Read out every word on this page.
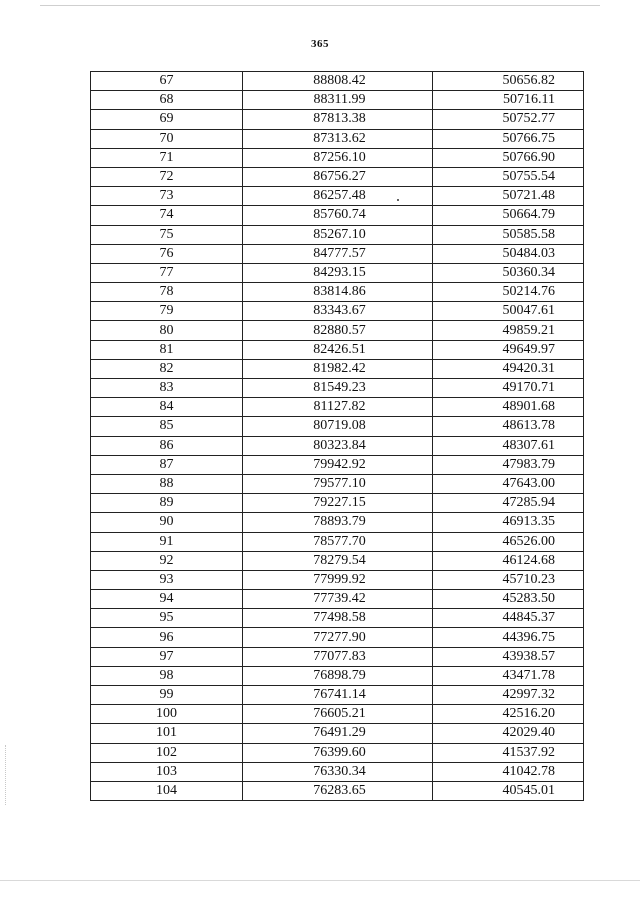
365
67	88808.42	50656.82
68	88311.99	50716.11
69	87813.38	50752.77
70	87313.62	50766.75
71	87256.10	50766.90
72	86756.27	50755.54
73	86257.48	50721.48
74	85760.74	50664.79
75	85267.10	50585.58
76	84777.57	50484.03
77	84293.15	50360.34
78	83814.86	50214.76
79	83343.67	50047.61
80	82880.57	49859.21
81	82426.51	49649.97
82	81982.42	49420.31
83	81549.23	49170.71
84	81127.82	48901.68
85	80719.08	48613.78
86	80323.84	48307.61
87	79942.92	47983.79
88	79577.10	47643.00
89	79227.15	47285.94
90	78893.79	46913.35
91	78577.70	46526.00
92	78279.54	46124.68
93	77999.92	45710.23
94	77739.42	45283.50
95	77498.58	44845.37
96	77277.90	44396.75
97	77077.83	43938.57
98	76898.79	43471.78
99	76741.14	42997.32
100	76605.21	42516.20
101	76491.29	42029.40
102	76399.60	41537.92
103	76330.34	41042.78
104	76283.65	40545.01
